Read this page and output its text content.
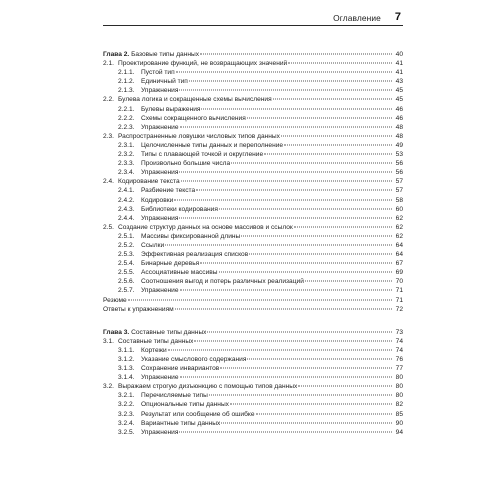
Оглавление 7
Глава 2. Базовые типы данных	40
2.1. Проектирование функций, не возвращающих значений	41
2.1.1. Пустой тип	41
2.1.2. Единичный тип	43
2.1.3. Упражнения	45
2.2. Булева логика и сокращенные схемы вычисления	45
2.2.1. Булевы выражения	46
2.2.2. Схемы сокращенного вычисления	46
2.2.3. Упражнение	48
2.3. Распространенные ловушки числовых типов данных	48
2.3.1. Целочисленные типы данных и переполнение	49
2.3.2. Типы с плавающей точкой и округление	53
2.3.3. Произвольно большие числа	56
2.3.4. Упражнения	56
2.4. Кодирование текста	57
2.4.1. Разбиение текста	57
2.4.2. Кодировки	58
2.4.3. Библиотеки кодирования	60
2.4.4. Упражнения	62
2.5. Создание структур данных на основе массивов и ссылок	62
2.5.1. Массивы фиксированной длины	62
2.5.2. Ссылки	64
2.5.3. Эффективная реализация списков	64
2.5.4. Бинарные деревья	67
2.5.5. Ассоциативные массивы	69
2.5.6. Соотношения выгод и потерь различных реализаций	70
2.5.7. Упражнение	71
Резюме	71
Ответы к упражнениям	72
Глава 3. Составные типы данных	73
3.1. Составные типы данных	74
3.1.1. Кортежи	74
3.1.2. Указание смыслового содержания	76
3.1.3. Сохранение инвариантов	77
3.1.4. Упражнение	80
3.2. Выражаем строгую дизъюнкцию с помощью типов данных	80
3.2.1. Перечисляемые типы	80
3.2.2. Опциональные типы данных	82
3.2.3. Результат или сообщение об ошибке	85
3.2.4. Вариантные типы данных	90
3.2.5. Упражнения	94
